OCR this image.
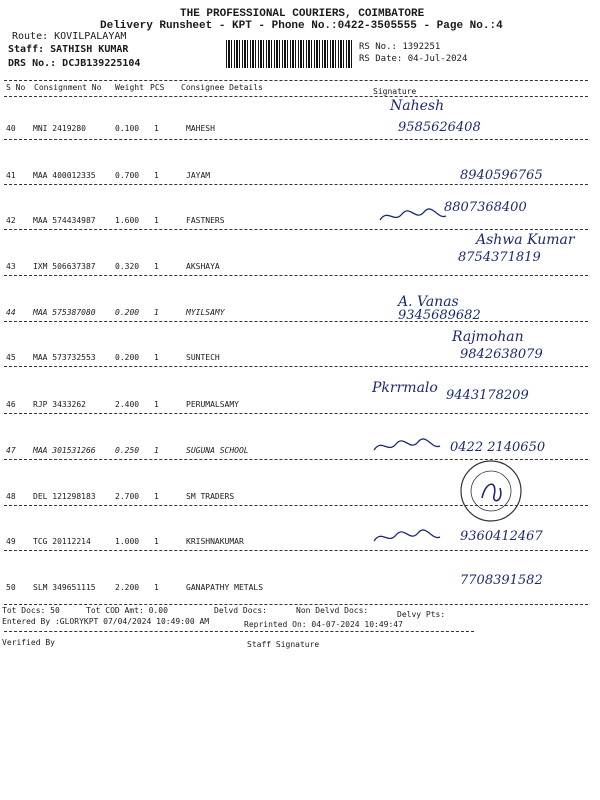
THE PROFESSIONAL COURIERS, COIMBATORE
Delivery Runsheet - KPT - Phone No.:0422-3505555 - Page No.:4
Route: KOVILPALAYAM
Staff: SATHISH KUMAR
DRS No.: DCJB139225104
RS No.: 1392251
RS Date: 04-Jul-2024
S No Consignment No Weight PCS Consignee Details	Signature
40 MNI 2419280	0.100 1	MAHESH
Nahesh
9585626408
41 MAA 400012335 0.700 1	JAYAM	8940596765
42 MAA 574434987 1.600 1	FASTNERS
8807368400
43 IXM 506637387 0.320 1	AKSHAYA
Ashwa Kumar
8754371819
44 MAA 575387080 0.200 1	MYILSAMY
A. Vanas
9345689682
45 MAA 573732553 0.200 1	SUNTECH
Rajmohan
9842638079
46 RJP 3433262	2.400 1	PERUMALSAMY
Pkrrmalo 9443178209
47 MAA 301531266 0.250 1	SUGUNA SCHOOL	0422 2140650
48 DEL 121298183 2.700 1	SM TRADERS
49 TCG 20112214	1.000 1	KRISHNAKUMAR	9360412467
50 SLM 349651115 2.200 1	GANAPATHY METALS	7708391582
Tot Docs: 50	Tot COD Amt: 0.00	Delvd Docs:	Non Delvd Docs:	Delvy Pts:
Entered By :GLORYKPT 07/04/2024 10:49:00 AM	Reprinted On: 04-07-2024 10:49:47
Verified By	Staff Signature
